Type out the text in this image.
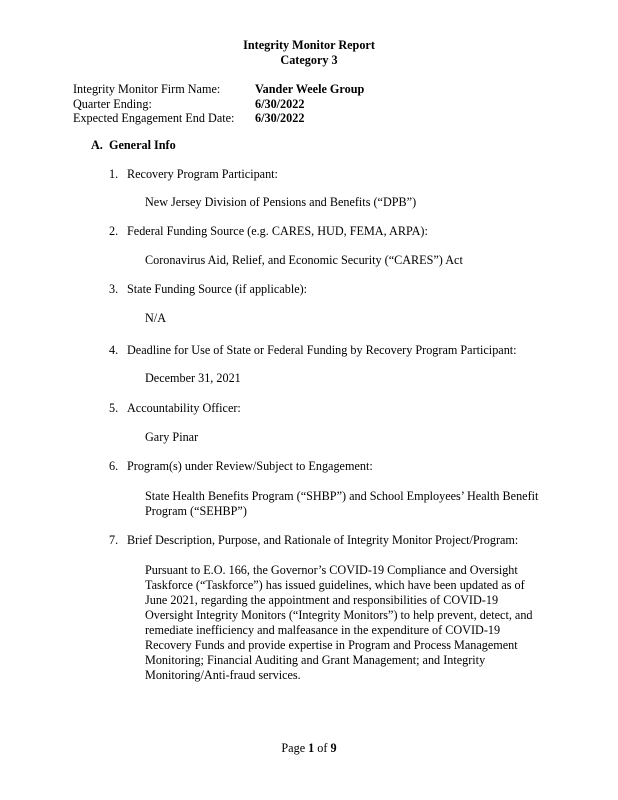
Integrity Monitor Report
Category 3
Integrity Monitor Firm Name:	Vander Weele Group
Quarter Ending:	6/30/2022
Expected Engagement End Date:	6/30/2022
A. General Info
1. Recovery Program Participant:
New Jersey Division of Pensions and Benefits (“DPB”)
2. Federal Funding Source (e.g. CARES, HUD, FEMA, ARPA):
Coronavirus Aid, Relief, and Economic Security (“CARES”) Act
3. State Funding Source (if applicable):
N/A
4. Deadline for Use of State or Federal Funding by Recovery Program Participant:
December 31, 2021
5. Accountability Officer:
Gary Pinar
6. Program(s) under Review/Subject to Engagement:
State Health Benefits Program (“SHBP”) and School Employees’ Health Benefit Program (“SEHBP”)
7. Brief Description, Purpose, and Rationale of Integrity Monitor Project/Program:
Pursuant to E.O. 166, the Governor’s COVID-19 Compliance and Oversight Taskforce (“Taskforce”) has issued guidelines, which have been updated as of June 2021, regarding the appointment and responsibilities of COVID-19 Oversight Integrity Monitors (“Integrity Monitors”) to help prevent, detect, and remediate inefficiency and malfeasance in the expenditure of COVID-19 Recovery Funds and provide expertise in Program and Process Management Monitoring; Financial Auditing and Grant Management; and Integrity Monitoring/Anti-fraud services.
Page 1 of 9
